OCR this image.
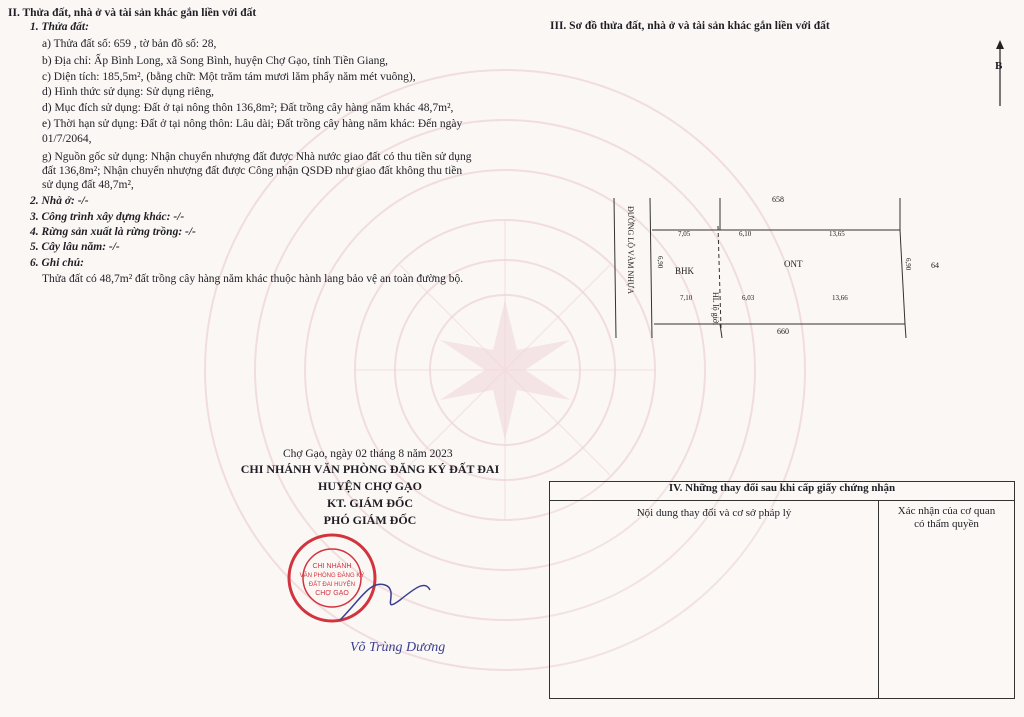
II. Thửa đất, nhà ở và tài sản khác gắn liền với đất
1. Thửa đất:
a) Thửa đất số: 659 , tờ bản đồ số: 28,
b) Địa chỉ: Ấp Bình Long, xã Song Bình, huyện Chợ Gạo, tỉnh Tiền Giang,
c) Diện tích: 185,5m², (bằng chữ: Một trăm tám mươi lăm phẩy năm mét vuông),
d) Hình thức sử dụng: Sử dụng riêng,
d) Mục đích sử dụng: Đất ở tại nông thôn 136,8m²; Đất trồng cây hàng năm khác 48,7m²,
e) Thời hạn sử dụng: Đất ở tại nông thôn: Lâu dài; Đất trồng cây hàng năm khác: Đến ngày
01/7/2064,
g) Nguồn gốc sử dụng: Nhận chuyển nhượng đất được Nhà nước giao đất có thu tiền sử dụng
đất 136,8m²; Nhận chuyển nhượng đất được Công nhận QSDĐ như giao đất không thu tiền
sử dụng đất 48,7m²,
2. Nhà ở: -/-
3. Công trình xây dựng khác: -/-
4. Rừng sản xuất là rừng trồng: -/-
5. Cây lâu năm: -/-
6. Ghi chú:
Thửa đất có 48,7m² đất trồng cây hàng năm khác thuộc hành lang bảo vệ an toàn đường bộ.
III. Sơ đồ thửa đất, nhà ở và tài sản khác gắn liền với đất
B
ĐƯỜNG LỘ VÀM NHỰA
HL lộ giới
658
64
660
BHK
ONT
7,05	6,10	13,65
7,10	6,03	13,66
6,90	6,90
Chợ Gạo, ngày 02 tháng 8 năm 2023
CHI NHÁNH VĂN PHÒNG ĐĂNG KÝ ĐẤT ĐAI
HUYỆN CHỢ GẠO
KT. GIÁM ĐỐC
PHÓ GIÁM ĐỐC
CHI NHÁNH
VĂN PHÒNG ĐĂNG KÝ
ĐẤT ĐAI HUYỆN
CHỢ GẠO
Võ Trùng Dương
IV. Những thay đổi sau khi cấp giấy chứng nhận
Nội dung thay đổi và cơ sở pháp lý	Xác nhận của cơ quan
có thẩm quyền
